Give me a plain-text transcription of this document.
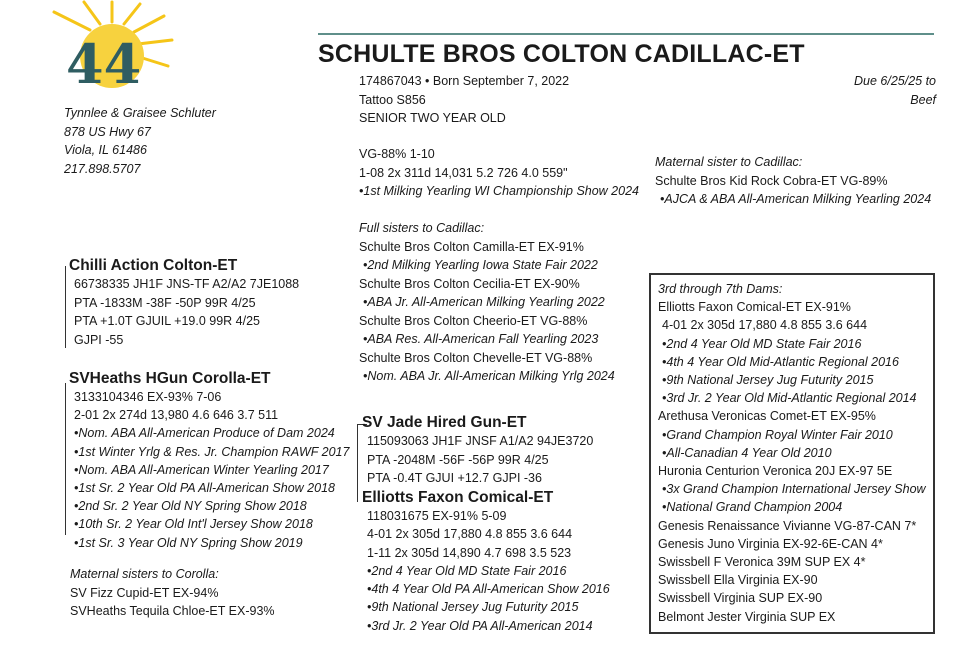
44
Tynnlee & Graisee Schluter
878 US Hwy 67
Viola, IL 61486
217.898.5707
SCHULTE BROS COLTON CADILLAC-ET
174867043 • Born September 7, 2022
Tattoo S856
SENIOR TWO YEAR OLD
Due 6/25/25 to
Beef
VG-88% 1-10
1-08 2x 311d 14,031 5.2 726 4.0 559"
•1st Milking Yearling WI Championship Show 2024
Maternal sister to Cadillac:
Schulte Bros Kid Rock Cobra-ET VG-89%
•AJCA & ABA All-American Milking Yearling 2024
Full sisters to Cadillac:
Schulte Bros Colton Camilla-ET EX-91%
•2nd Milking Yearling Iowa State Fair 2022
Schulte Bros Colton Cecilia-ET EX-90%
•ABA Jr. All-American Milking Yearling 2022
Schulte Bros Colton Cheerio-ET VG-88%
•ABA Res. All-American Fall Yearling 2023
Schulte Bros Colton Chevelle-ET VG-88%
•Nom. ABA Jr. All-American Milking Yrlg 2024
Chilli Action Colton-ET
66738335 JH1F JNS-TF A2/A2 7JE1088
PTA -1833M -38F -50P 99R 4/25
PTA +1.0T GJUIL +19.0 99R 4/25
GJPI -55
SVHeaths HGun Corolla-ET
3133104346 EX-93% 7-06
2-01 2x 274d 13,980 4.6 646 3.7 511
•Nom. ABA All-American Produce of Dam 2024
•1st Winter Yrlg & Res. Jr. Champion RAWF 2017
•Nom. ABA All-American Winter Yearling 2017
•1st Sr. 2 Year Old PA All-American Show 2018
•2nd Sr. 2 Year Old NY Spring Show 2018
•10th Sr. 2 Year Old Int'l Jersey Show 2018
•1st Sr. 3 Year Old NY Spring Show 2019
Maternal sisters to Corolla:
SV Fizz Cupid-ET EX-94%
SVHeaths Tequila Chloe-ET EX-93%
SV Jade Hired Gun-ET
115093063 JH1F JNSF A1/A2 94JE3720
PTA -2048M -56F -56P 99R 4/25
PTA -0.4T GJUI +12.7 GJPI -36
Elliotts Faxon Comical-ET
118031675 EX-91% 5-09
4-01 2x 305d 17,880 4.8 855 3.6 644
1-11 2x 305d 14,890 4.7 698 3.5 523
•2nd 4 Year Old MD State Fair 2016
•4th 4 Year Old PA All-American Show 2016
•9th National Jersey Jug Futurity 2015
•3rd Jr. 2 Year Old PA All-American 2014
3rd through 7th Dams:
Elliotts Faxon Comical-ET EX-91%
4-01 2x 305d 17,880 4.8 855 3.6 644
•2nd 4 Year Old MD State Fair 2016
•4th 4 Year Old Mid-Atlantic Regional 2016
•9th National Jersey Jug Futurity 2015
•3rd Jr. 2 Year Old Mid-Atlantic Regional 2014
Arethusa Veronicas Comet-ET EX-95%
•Grand Champion Royal Winter Fair 2010
•All-Canadian 4 Year Old 2010
Huronia Centurion Veronica 20J EX-97 5E
•3x Grand Champion International Jersey Show
•National Grand Champion 2004
Genesis Renaissance Vivianne VG-87-CAN 7*
Genesis Juno Virginia EX-92-6E-CAN 4*
Swissbell F Veronica 39M SUP EX 4*
Swissbell Ella Virginia EX-90
Swissbell Virginia SUP EX-90
Belmont Jester Virginia SUP EX
